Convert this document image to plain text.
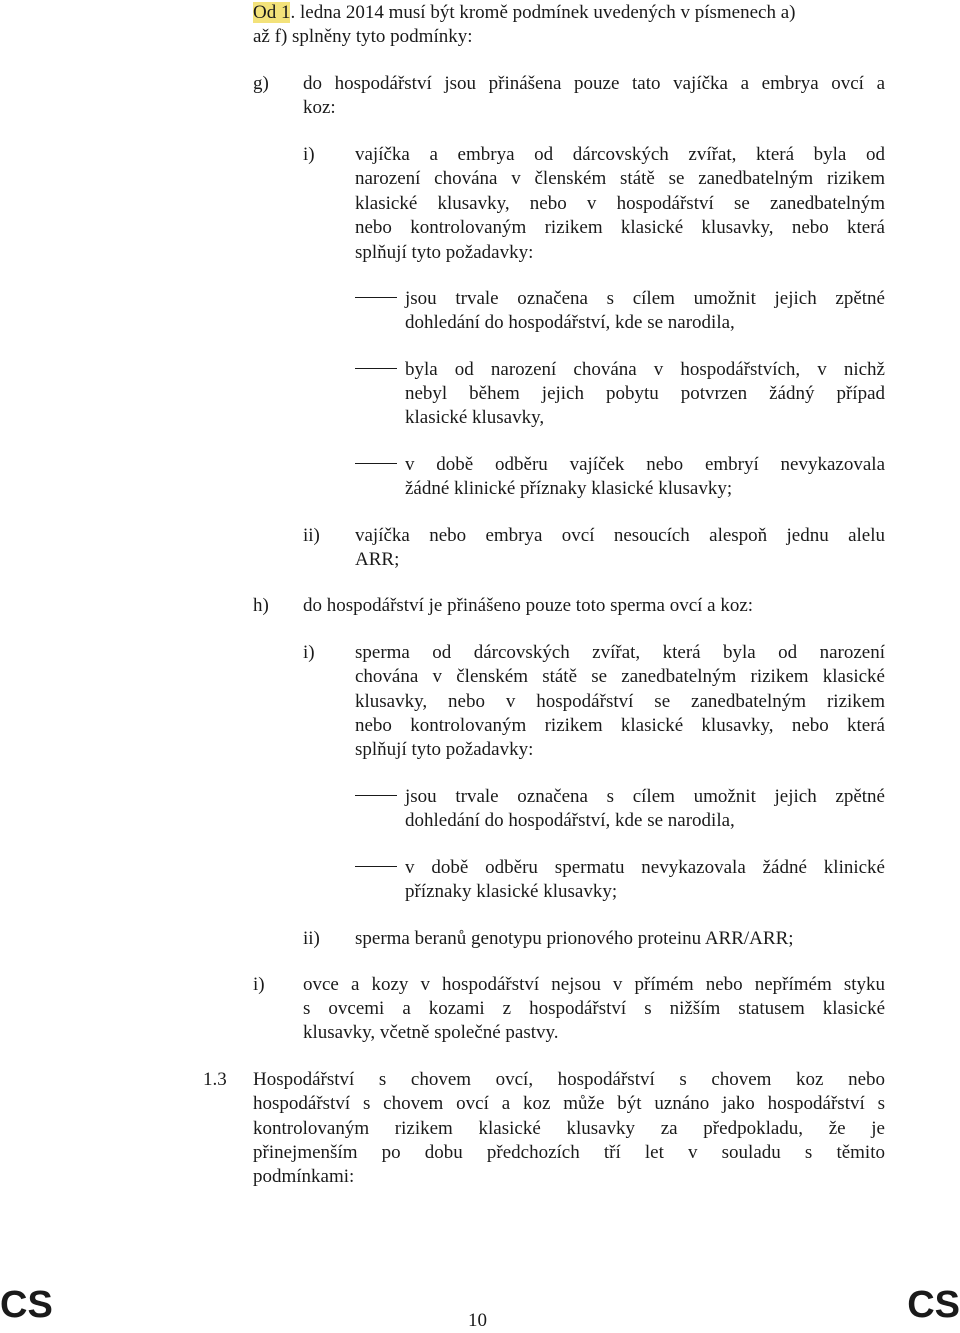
Od 1. ledna 2014 musí být kromě podmínek uvedených v písmenech a)
až f) splněny tyto podmínky:
g) do hospodářství jsou přinášena pouze tato vajíčka a embrya ovcí a
koz:
i) vajíčka a embrya od dárcovských zvířat, která byla od
narození chována v členském státě se zanedbatelným rizikem
klasické klusavky, nebo v hospodářství se zanedbatelným
nebo kontrolovaným rizikem klasické klusavky, nebo která
splňují tyto požadavky:
jsou trvale označena s cílem umožnit jejich zpětné
dohledání do hospodářství, kde se narodila,
byla od narození chována v hospodářstvích, v nichž
nebyl během jejich pobytu potvrzen žádný případ
klasické klusavky,
v době odběru vajíček nebo embryí nevykazovala
žádné klinické příznaky klasické klusavky;
ii) vajíčka nebo embrya ovcí nesoucích alespoň jednu alelu
ARR;
h) do hospodářství je přinášeno pouze toto sperma ovcí a koz:
i) sperma od dárcovských zvířat, která byla od narození
chována v členském státě se zanedbatelným rizikem klasické
klusavky, nebo v hospodářství se zanedbatelným rizikem
nebo kontrolovaným rizikem klasické klusavky, nebo která
splňují tyto požadavky:
jsou trvale označena s cílem umožnit jejich zpětné
dohledání do hospodářství, kde se narodila,
v době odběru spermatu nevykazovala žádné klinické
příznaky klasické klusavky;
ii) sperma beranů genotypu prionového proteinu ARR/ARR;
i) ovce a kozy v hospodářství nejsou v přímém nebo nepřímém styku
s ovcemi a kozami z hospodářství s nižším statusem klasické
klusavky, včetně společné pastvy.
1.3 Hospodářství s chovem ovcí, hospodářství s chovem koz nebo
hospodářství s chovem ovcí a koz může být uznáno jako hospodářství s
kontrolovaným rizikem klasické klusavky za předpokladu, že je
přinejmenším po dobu předchozích tří let v souladu s těmito
podmínkami:
CS	10	CS
